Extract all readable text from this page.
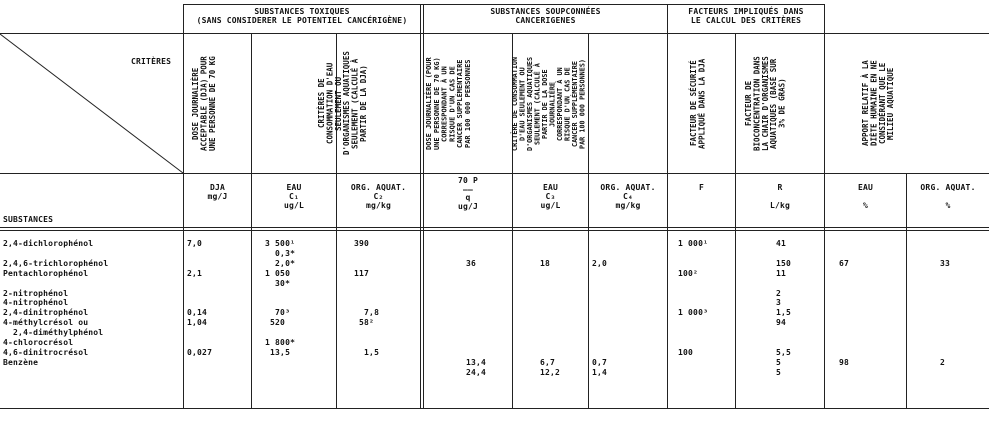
SUBSTANCES TOXIQUES
(SANS CONSIDERER LE POTENTIEL CANCÉRIGÈNE)
SUBSTANCES SOUPCONNÉES
CANCERIGENES
FACTEURS IMPLIQUÉS DANS
LE CALCUL DES CRITÈRES
CRITÈRES
SUBSTANCES
DOSE JOURNALIÈRE
ACCEPTABLE (DJA) POUR
UNE PERSONNE DE 70 KG
CRITÈRES DE
CONSOMMATION D'EAU
SEULEMENT OU
D'ORGANISMES AQUATIQUES
SEULEMENT (CALCULÉ À
PARTIR DE LA DJA)
DOSE JOURNALIÈRE (POUR
UNE PERSONNE DE 70 KG)
CORRESPONDANT À UN
RISQUE D'UN CAS DE
CANCER SUPPLÉMENTAIRE
PAR 100 000 PERSONNES
CRITÈRE DE CONSOMMATION
D'EAU SEULEMENT OU
D'ORGANISMES AQUATIQUES
SEULEMENT (CALCULÉ À
PARTIR DE LA DOSE
JOURNALIÈRE
CORRESPONDANT À UN
RISQUE D'UN CAS DE
CANCER SUPPLÉMENTAIRE
PAR 100 000 PERSONNES)
FACTEUR DE SÉCURITÉ
APPLIQUÉ DANS LA DJA
FACTEUR DE
BIOCONCENTRATION DANS
LA CHAIR D'ORGANISMES
AQUATIQUES (BASÉ SUR
3% DE GRAS)
APPORT RELATIF À LA
DIÈTE HUMAINE EN NE
CONSIDÉRANT QUE LE
MILIEU AQUATIQUE
DJA
mg/J
EAU
C₁
ug/L
ORG. AQUAT.
C₂
mg/kg
70 P
——
q
ug/J
EAU
C₃
ug/L
ORG. AQUAT.
C₄
mg/kg
F	R

L/kg
EAU

%
ORG. AQUAT.

%
2,4-dichlorophénol

2,4,6-trichlorophénol
Pentachlorophénol

2-nitrophénol
4-nitrophénol
2,4-dinitrophénol
4-méthylcrésol ou
2,4-diméthylphénol
4-chlorocrésol
4,6-dinitrocrésol
Benzène
7,0

2,1

0,14
1,04

0,027
3 500¹
0,3*
2,0*
1 050
30*

70³
520

1 800*
13,5
390

117

7,8
58²

1,5

36

13,4
24,4

18

6,7
12,2

2,0

0,7
1,4
1 000¹

100²

1 000³

100
41

150
11

2
3
1,5
94

5,5
5
5

67

98

33

2
